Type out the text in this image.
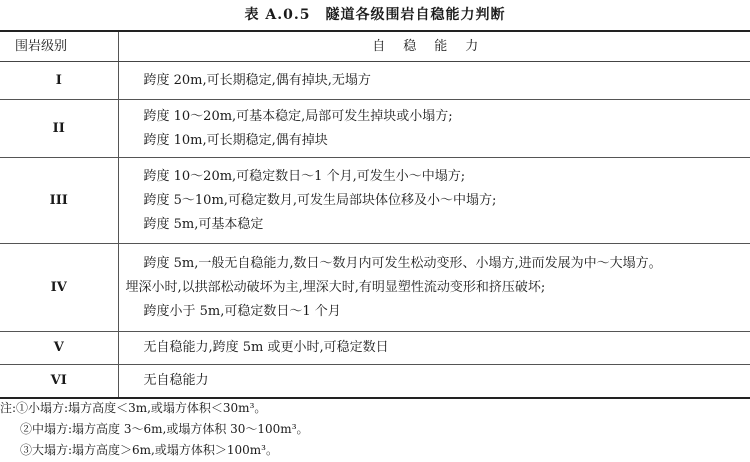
表 A.0.5　隧道各级围岩自稳能力判断
围岩级别	自稳能力
I	跨度 20m,可长期稳定,偶有掉块,无塌方

II	跨度 10～20m,可基本稳定,局部可发生掉块或小塌方;
跨度 10m,可长期稳定,偶有掉块

III	跨度 10～20m,可稳定数日～1 个月,可发生小～中塌方;
跨度 5～10m,可稳定数月,可发生局部块体位移及小～中塌方;
跨度 5m,可基本稳定

IV	跨度 5m,一般无自稳能力,数日～数月内可发生松动变形、小塌方,进而发展为中～大塌方。
埋深小时,以拱部松动破坏为主,埋深大时,有明显塑性流动变形和挤压破坏;
跨度小于 5m,可稳定数日～1 个月

V	无自稳能力,跨度 5m 或更小时,可稳定数日

VI	无自稳能力
注:①小塌方:塌方高度＜3m,或塌方体积＜30m³。
②中塌方:塌方高度 3～6m,或塌方体积 30～100m³。
③大塌方:塌方高度＞6m,或塌方体积＞100m³。
